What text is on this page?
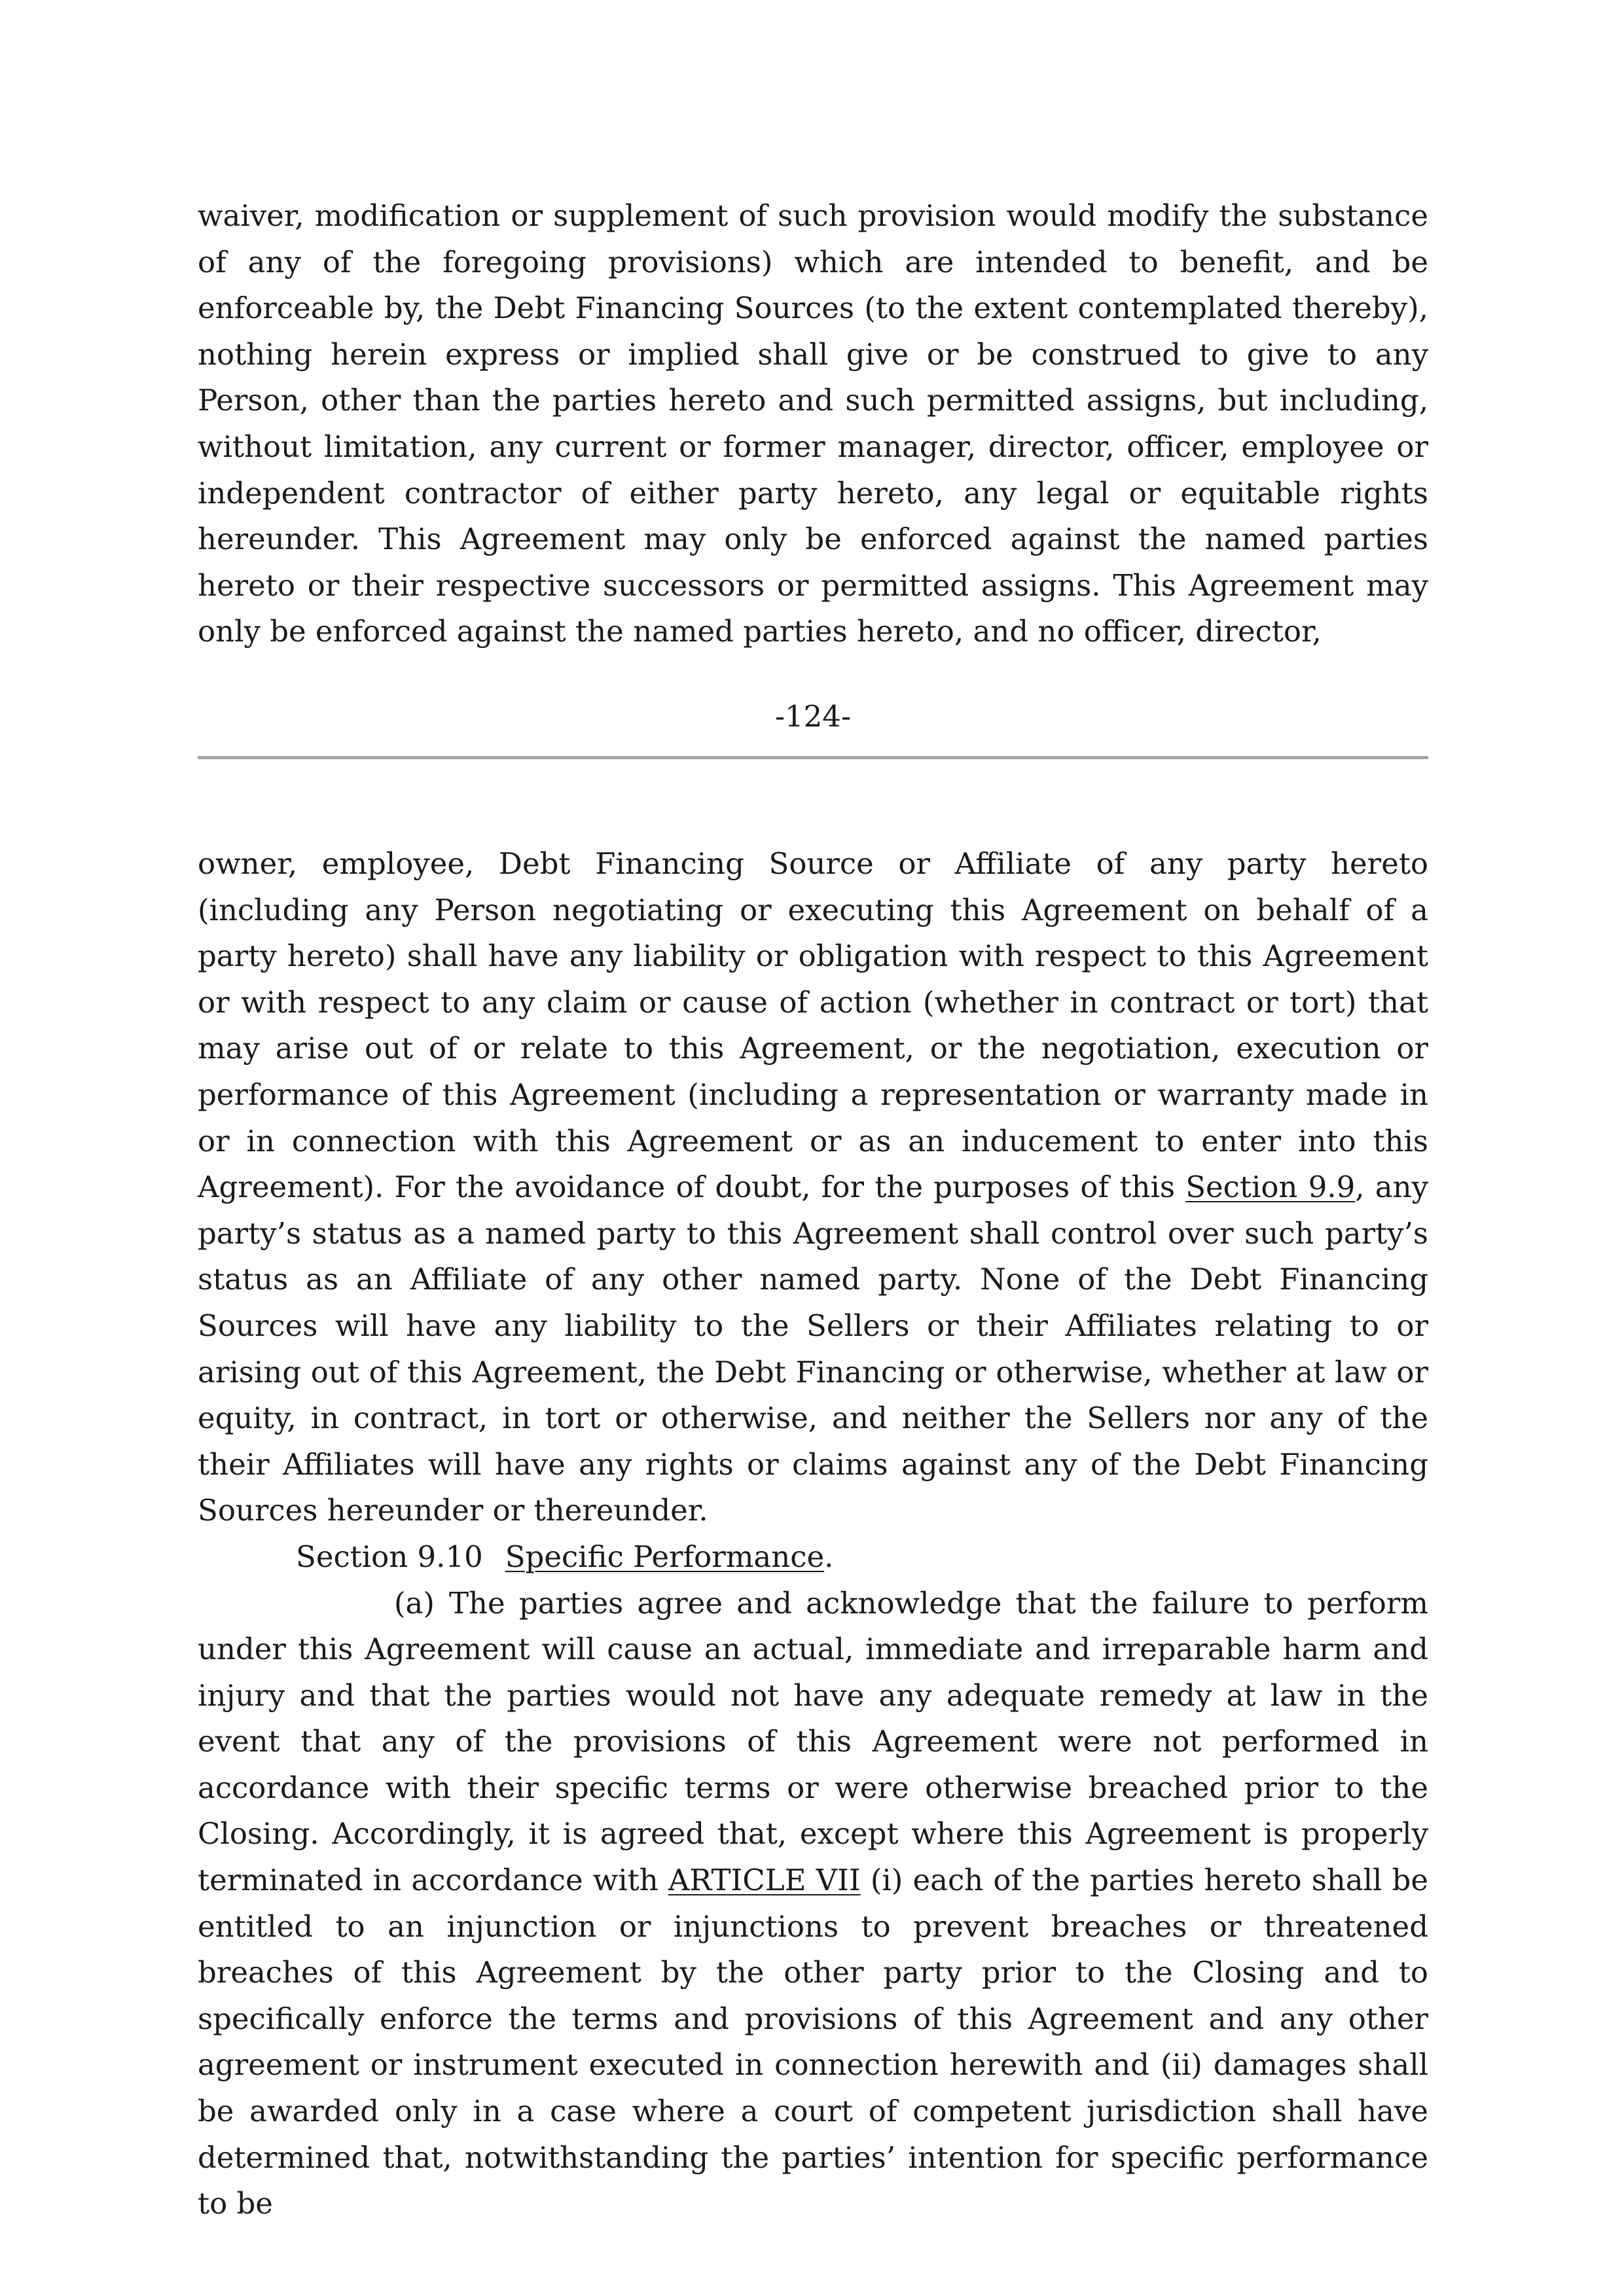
waiver, modification or supplement of such provision would modify the substance of any of the foregoing provisions) which are intended to benefit, and be enforceable by, the Debt Financing Sources (to the extent contemplated thereby), nothing herein express or implied shall give or be construed to give to any Person, other than the parties hereto and such permitted assigns, but including, without limitation, any current or former manager, director, officer, employee or independent contractor of either party hereto, any legal or equitable rights hereunder. This Agreement may only be enforced against the named parties hereto or their respective successors or permitted assigns. This Agreement may only be enforced against the named parties hereto, and no officer, director,

-124-

owner, employee, Debt Financing Source or Affiliate of any party hereto (including any Person negotiating or executing this Agreement on behalf of a party hereto) shall have any liability or obligation with respect to this Agreement or with respect to any claim or cause of action (whether in contract or tort) that may arise out of or relate to this Agreement, or the negotiation, execution or performance of this Agreement (including a representation or warranty made in or in connection with this Agreement or as an inducement to enter into this Agreement). For the avoidance of doubt, for the purposes of this Section 9.9, any party’s status as a named party to this Agreement shall control over such party’s status as an Affiliate of any other named party. None of the Debt Financing Sources will have any liability to the Sellers or their Affiliates relating to or arising out of this Agreement, the Debt Financing or otherwise, whether at law or equity, in contract, in tort or otherwise, and neither the Sellers nor any of the their Affiliates will have any rights or claims against any of the Debt Financing Sources hereunder or thereunder.

Section 9.10 Specific Performance.

(a) The parties agree and acknowledge that the failure to perform under this Agreement will cause an actual, immediate and irreparable harm and injury and that the parties would not have any adequate remedy at law in the event that any of the provisions of this Agreement were not performed in accordance with their specific terms or were otherwise breached prior to the Closing. Accordingly, it is agreed that, except where this Agreement is properly terminated in accordance with ARTICLE VII (i) each of the parties hereto shall be entitled to an injunction or injunctions to prevent breaches or threatened breaches of this Agreement by the other party prior to the Closing and to specifically enforce the terms and provisions of this Agreement and any other agreement or instrument executed in connection herewith and (ii) damages shall be awarded only in a case where a court of competent jurisdiction shall have determined that, notwithstanding the parties’ intention for specific performance to be
